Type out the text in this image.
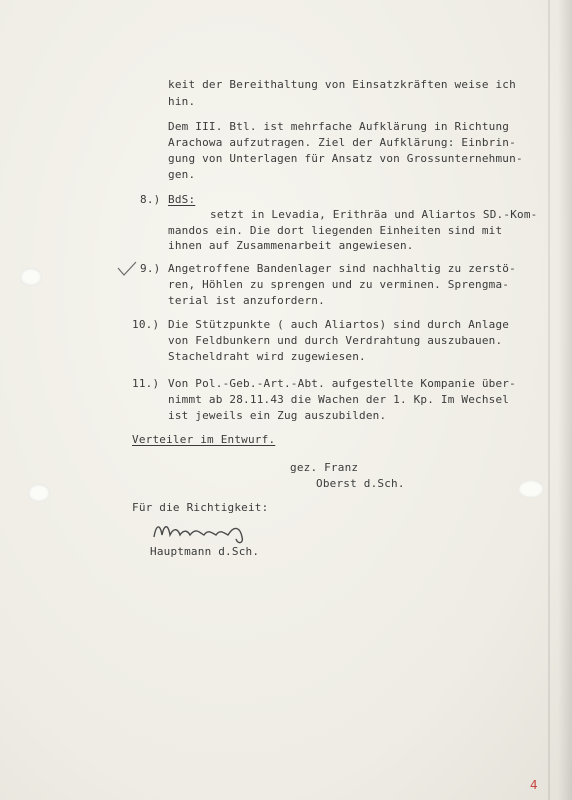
keit der Bereithaltung von Einsatzkräften weise ich
hin.
Dem III. Btl. ist mehrfache Aufklärung in Richtung
Arachowa aufzutragen. Ziel der Aufklärung: Einbrin-
gung von Unterlagen für Ansatz von Grossunternehmun-
gen.
8.) BdS:
setzt in Levadia, Erithräa und Aliartos SD.-Kom-
mandos ein. Die dort liegenden Einheiten sind mit
ihnen auf Zusammenarbeit angewiesen.
9.) Angetroffene Bandenlager sind nachhaltig zu zerstö-
ren, Höhlen zu sprengen und zu verminen. Sprengma-
terial ist anzufordern.
10.) Die Stützpunkte ( auch Aliartos) sind durch Anlage
von Feldbunkern und durch Verdrahtung auszubauen.
Stacheldraht wird zugewiesen.
11.) Von Pol.-Geb.-Art.-Abt. aufgestellte Kompanie über-
nimmt ab 28.11.43 die Wachen der 1. Kp. Im Wechsel
ist jeweils ein Zug auszubilden.
Verteiler im Entwurf.
gez. Franz
Oberst d.Sch.
Für die Richtigkeit:
Hauptmann d.Sch.
4
